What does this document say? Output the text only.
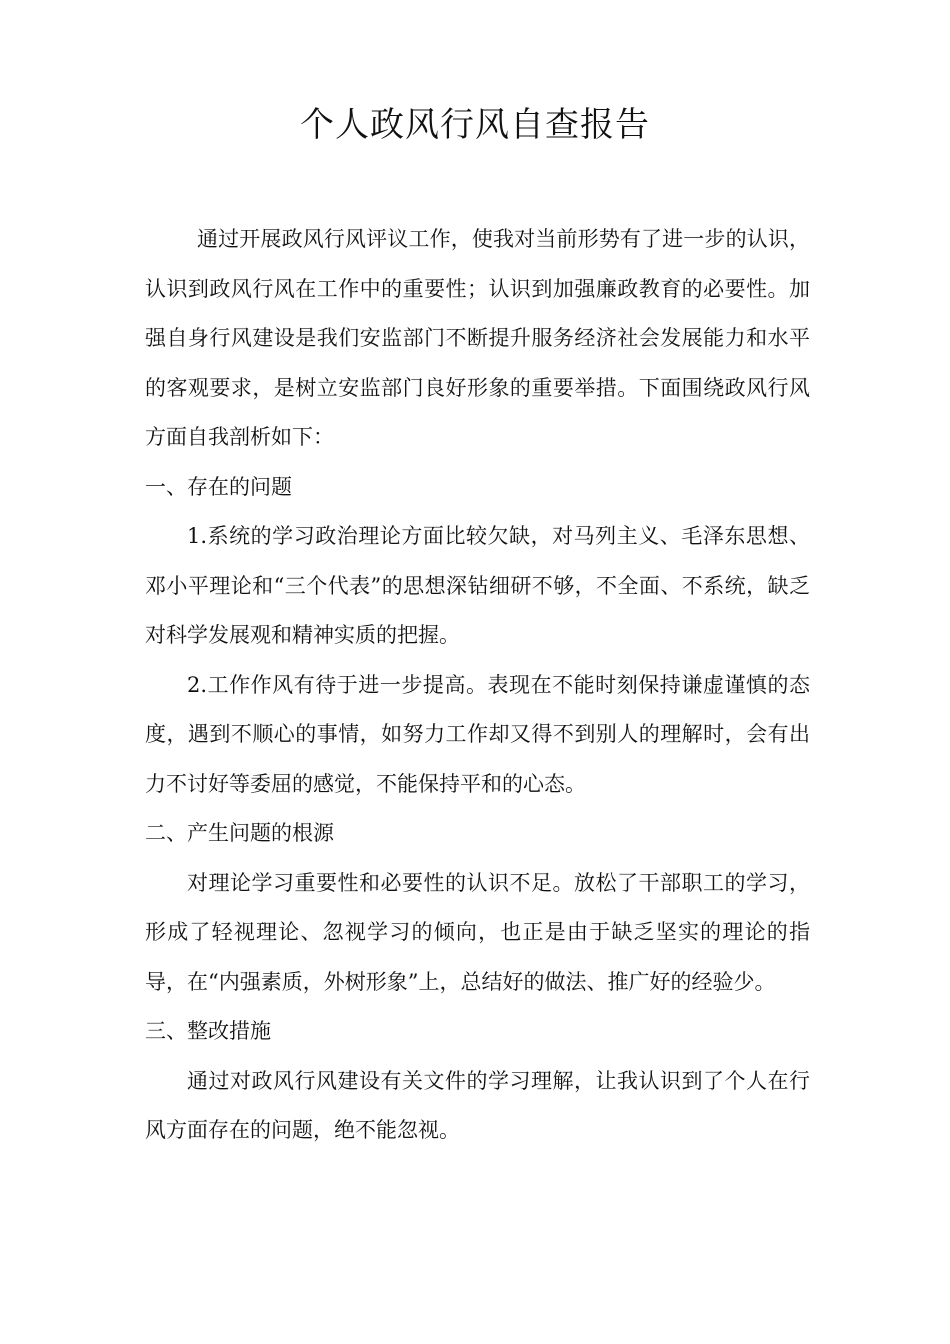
个人政风行风自查报告

通过开展政风行风评议工作，使我对当前形势有了进一步的认识，认识到政风行风在工作中的重要性；认识到加强廉政教育的必要性。加强自身行风建设是我们安监部门不断提升服务经济社会发展能力和水平的客观要求，是树立安监部门良好形象的重要举措。下面围绕政风行风方面自我剖析如下：

一、存在的问题

1.系统的学习政治理论方面比较欠缺，对马列主义、毛泽东思想、邓小平理论和“三个代表”的思想深钻细研不够，不全面、不系统，缺乏对科学发展观和精神实质的把握。

2.工作作风有待于进一步提高。表现在不能时刻保持谦虚谨慎的态度，遇到不顺心的事情，如努力工作却又得不到别人的理解时，会有出力不讨好等委屈的感觉，不能保持平和的心态。

二、产生问题的根源

对理论学习重要性和必要性的认识不足。放松了干部职工的学习，形成了轻视理论、忽视学习的倾向，也正是由于缺乏坚实的理论的指导，在“内强素质，外树形象”上，总结好的做法、推广好的经验少。

三、整改措施

通过对政风行风建设有关文件的学习理解，让我认识到了个人在行风方面存在的问题，绝不能忽视。
